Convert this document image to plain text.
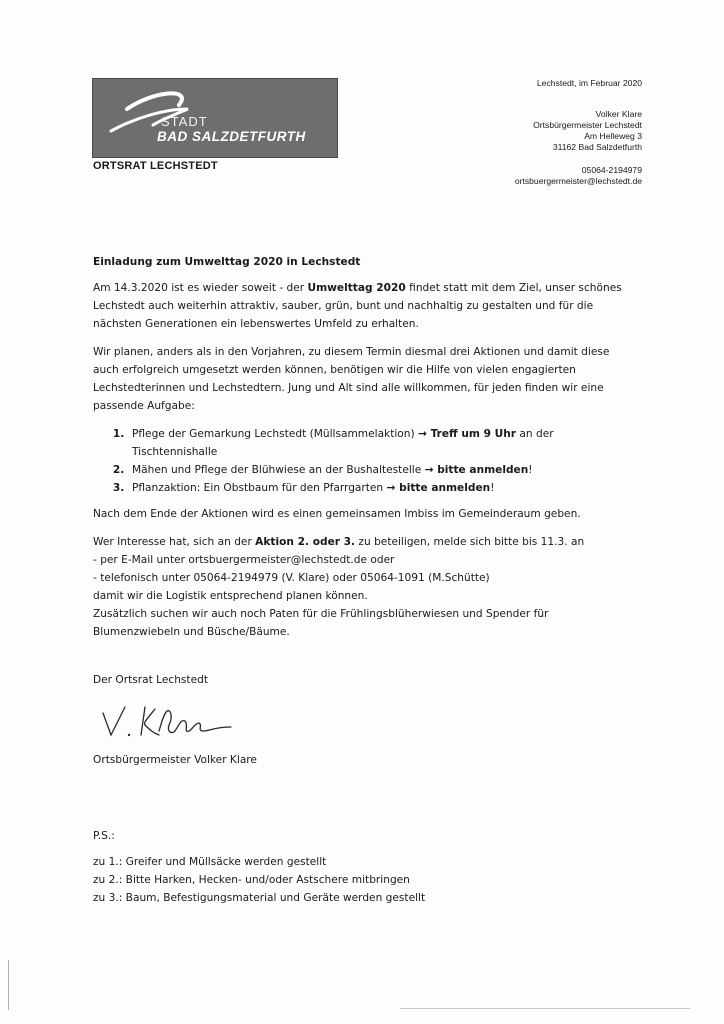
STADT
BAD SALZDETFURTH
ORTSRAT LECHSTEDT
Lechstedt, im Februar 2020
Volker Klare
Ortsbürgermeister Lechstedt
Am Helleweg 3
31162 Bad Salzdetfurth
05064-2194979
ortsbuergermeister@lechstedt.de

Einladung zum Umwelttag 2020 in Lechstedt

Am 14.3.2020 ist es wieder soweit - der Umwelttag 2020 findet statt mit dem Ziel, unser schönes Lechstedt auch weiterhin attraktiv, sauber, grün, bunt und nachhaltig zu gestalten und für die nächsten Generationen ein lebenswertes Umfeld zu erhalten.

Wir planen, anders als in den Vorjahren, zu diesem Termin diesmal drei Aktionen und damit diese auch erfolgreich umgesetzt werden können, benötigen wir die Hilfe von vielen engagierten Lechstedterinnen und Lechstedtern. Jung und Alt sind alle willkommen, für jeden finden wir eine passende Aufgabe:

1. Pflege der Gemarkung Lechstedt (Müllsammelaktion) → Treff um 9 Uhr an der Tischtennishalle
2. Mähen und Pflege der Blühwiese an der Bushaltestelle → bitte anmelden!
3. Pflanzaktion: Ein Obstbaum für den Pfarrgarten → bitte anmelden!

Nach dem Ende der Aktionen wird es einen gemeinsamen Imbiss im Gemeinderaum geben.

Wer Interesse hat, sich an der Aktion 2. oder 3. zu beteiligen, melde sich bitte bis 11.3. an
- per E-Mail unter ortsbuergermeister@lechstedt.de oder
- telefonisch unter 05064-2194979 (V. Klare) oder 05064-1091 (M.Schütte)
damit wir die Logistik entsprechend planen können.
Zusätzlich suchen wir auch noch Paten für die Frühlingsblüherwiesen und Spender für Blumenzwiebeln und Büsche/Bäume.
Der Ortsrat Lechstedt
Ortsbürgermeister Volker Klare
P.S.:
zu 1.: Greifer und Müllsäcke werden gestellt
zu 2.: Bitte Harken, Hecken- und/oder Astschere mitbringen
zu 3.: Baum, Befestigungsmaterial und Geräte werden gestellt
